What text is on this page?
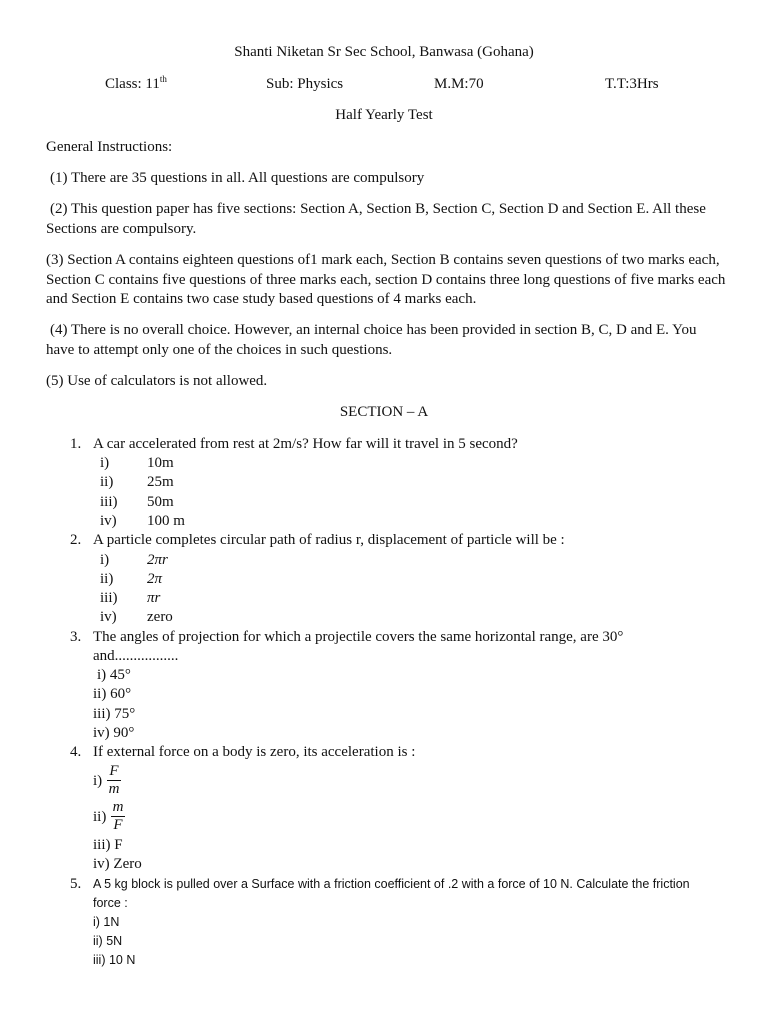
Shanti Niketan Sr Sec School, Banwasa (Gohana)
Class: 11th	Sub: Physics	M.M:70	T.T:3Hrs
Half Yearly Test
General Instructions:
(1) There are 35 questions in all. All questions are compulsory
(2) This question paper has five sections: Section A, Section B, Section C, Section D and Section E. All these Sections are compulsory.
(3) Section A contains eighteen questions of1 mark each, Section B contains seven questions of two marks each, Section C contains five questions of three marks each, section D contains three long questions of five marks each and Section E contains two case study based questions of 4 marks each.
(4) There is no overall choice. However, an internal choice has been provided in section B, C, D and E. You have to attempt only one of the choices in such questions.
(5) Use of calculators is not allowed.
SECTION – A
1. A car accelerated from rest at 2m/s? How far will it travel in 5 second?
i)	10m
ii) 25m
iii) 50m
iv) 100 m
2. A particle completes circular path of radius r, displacement of particle will be :
i)	2πr
ii) 2π
iii) πr
iv) zero
3. The angles of projection for which a projectile covers the same horizontal range, are 30°
and.................
i) 45°
ii) 60°
iii) 75°
iv) 90°
4. If external force on a body is zero, its acceleration is :
i)
F
m
ii)
m
F
iii) F
iv) Zero
5. A 5 kg block is pulled over a Surface with a friction coefficient of .2 with a force of 10 N. Calculate the friction
force :
i) 1N
ii) 5N
iii) 10 N
